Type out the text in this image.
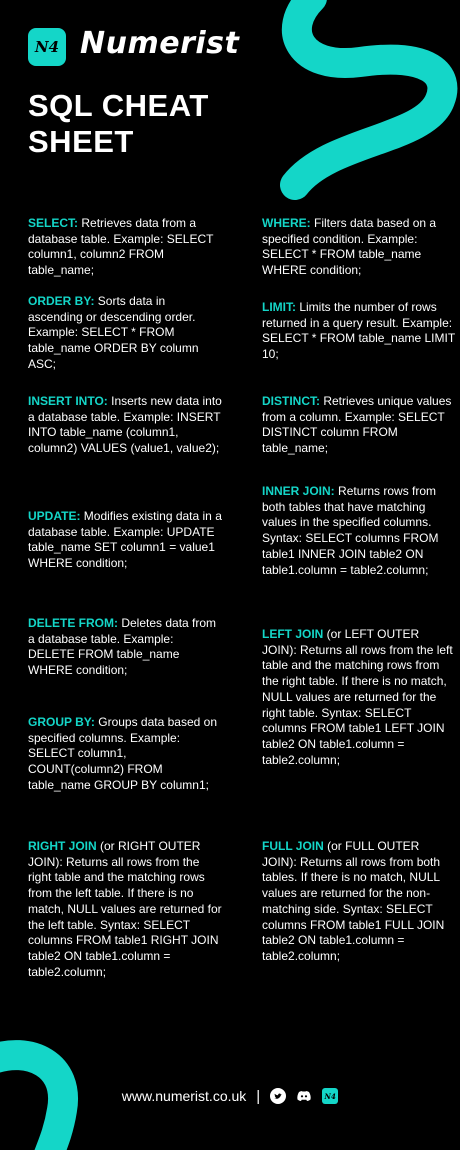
N4 Numerist
SQL CHEAT SHEET

SELECT: Retrieves data from a database table. Example: SELECT column1, column2 FROM table_name;

ORDER BY: Sorts data in ascending or descending order. Example: SELECT * FROM table_name ORDER BY column ASC;

INSERT INTO: Inserts new data into a database table. Example: INSERT INTO table_name (column1, column2) VALUES (value1, value2);

UPDATE: Modifies existing data in a database table. Example: UPDATE table_name SET column1 = value1 WHERE condition;

DELETE FROM: Deletes data from a database table. Example: DELETE FROM table_name WHERE condition;

GROUP BY: Groups data based on specified columns. Example: SELECT column1, COUNT(column2) FROM table_name GROUP BY column1;

RIGHT JOIN (or RIGHT OUTER JOIN): Returns all rows from the right table and the matching rows from the left table. If there is no match, NULL values are returned for the left table. Syntax: SELECT columns FROM table1 RIGHT JOIN table2 ON table1.column = table2.column;

WHERE: Filters data based on a specified condition. Example: SELECT * FROM table_name WHERE condition;

LIMIT: Limits the number of rows returned in a query result. Example: SELECT * FROM table_name LIMIT 10;

DISTINCT: Retrieves unique values from a column. Example: SELECT DISTINCT column FROM table_name;

INNER JOIN: Returns rows from both tables that have matching values in the specified columns. Syntax: SELECT columns FROM table1 INNER JOIN table2 ON table1.column = table2.column;

LEFT JOIN (or LEFT OUTER JOIN): Returns all rows from the left table and the matching rows from the right table. If there is no match, NULL values are returned for the right table. Syntax: SELECT columns FROM table1 LEFT JOIN table2 ON table1.column = table2.column;

FULL JOIN (or FULL OUTER JOIN): Returns all rows from both tables. If there is no match, NULL values are returned for the non-matching side. Syntax: SELECT columns FROM table1 FULL JOIN table2 ON table1.column = table2.column;

www.numerist.co.uk |	N4
